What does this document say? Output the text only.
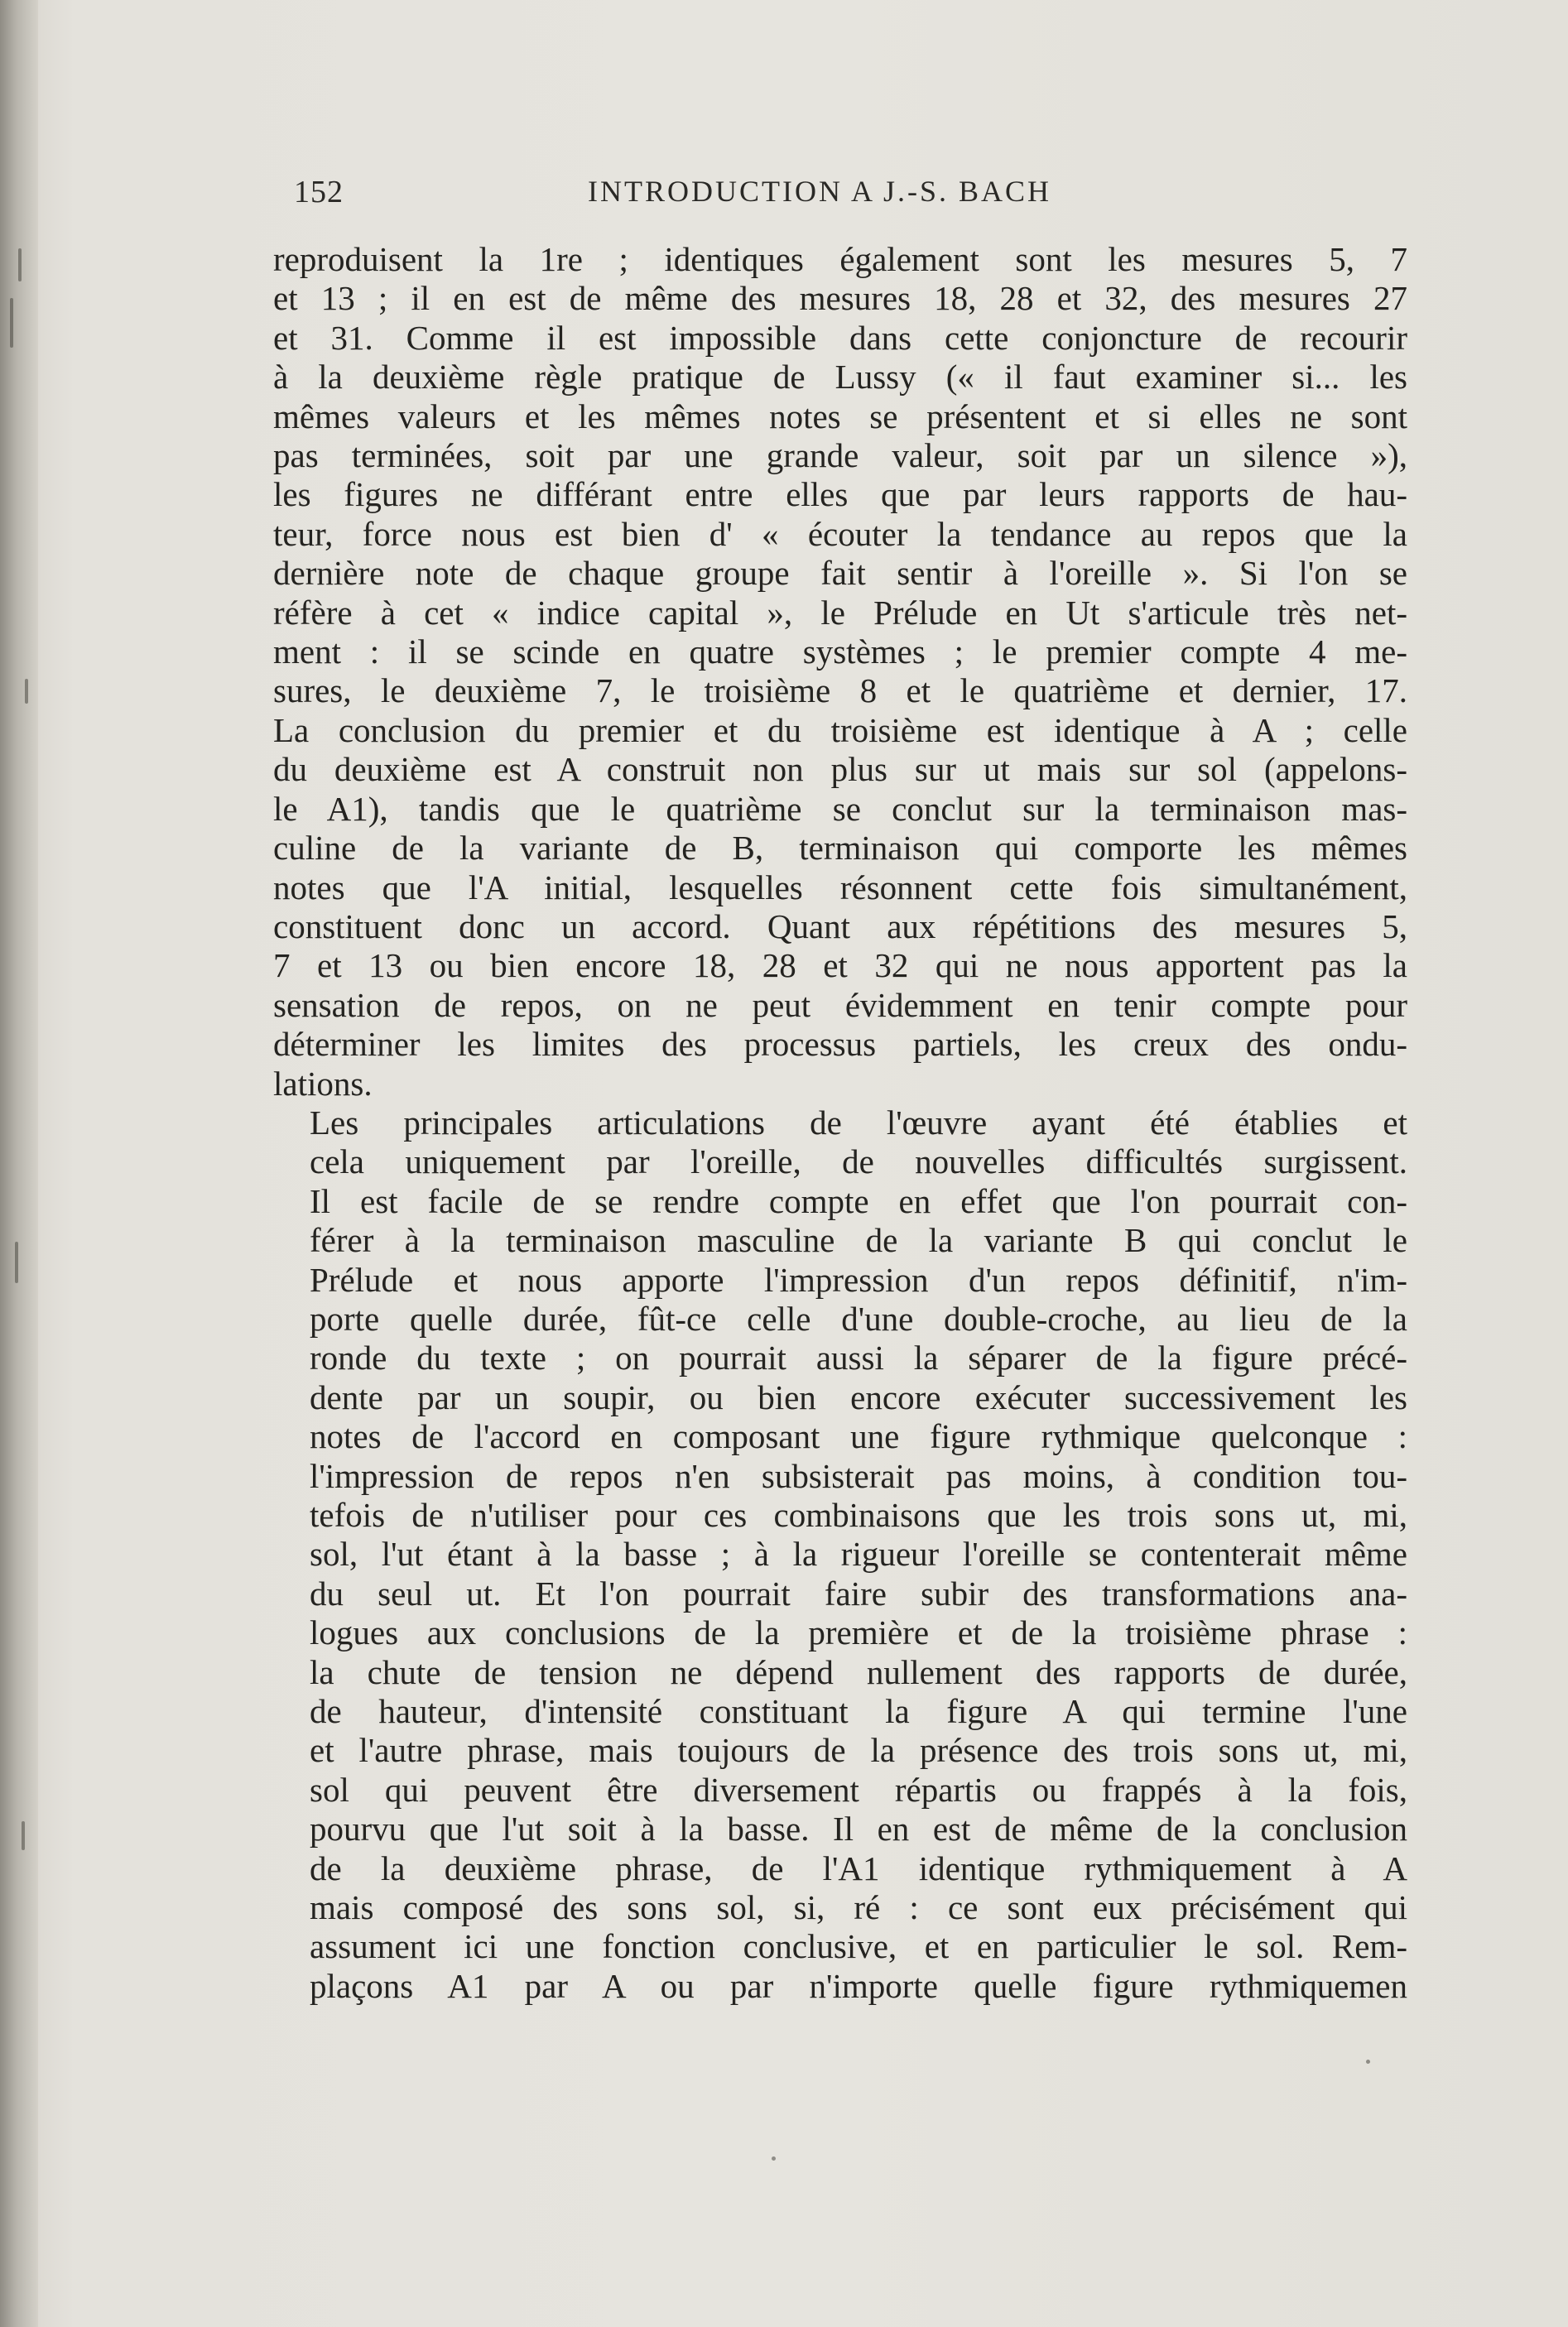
152	INTRODUCTION A J.-S. BACH

reproduisent la 1re ; identiques également sont les mesures 5, 7
et 13 ; il en est de même des mesures 18, 28 et 32, des mesures 27
et 31. Comme il est impossible dans cette conjoncture de recourir
à la deuxième règle pratique de Lussy (« il faut examiner si... les
mêmes valeurs et les mêmes notes se présentent et si elles ne sont
pas terminées, soit par une grande valeur, soit par un silence »),
les figures ne différant entre elles que par leurs rapports de hau-
teur, force nous est bien d' « écouter la tendance au repos que la
dernière note de chaque groupe fait sentir à l'oreille ». Si l'on se
réfère à cet « indice capital », le Prélude en Ut s'articule très net-
ment : il se scinde en quatre systèmes ; le premier compte 4 me-
sures, le deuxième 7, le troisième 8 et le quatrième et dernier, 17.
La conclusion du premier et du troisième est identique à A ; celle
du deuxième est A construit non plus sur ut mais sur sol (appelons-
le A1), tandis que le quatrième se conclut sur la terminaison mas-
culine de la variante de B, terminaison qui comporte les mêmes
notes que l'A initial, lesquelles résonnent cette fois simultanément,
constituent donc un accord. Quant aux répétitions des mesures 5,
7 et 13 ou bien encore 18, 28 et 32 qui ne nous apportent pas la
sensation de repos, on ne peut évidemment en tenir compte pour
déterminer les limites des processus partiels, les creux des ondu-
lations.

Les principales articulations de l'œuvre ayant été établies et
cela uniquement par l'oreille, de nouvelles difficultés surgissent.
Il est facile de se rendre compte en effet que l'on pourrait con-
férer à la terminaison masculine de la variante B qui conclut le
Prélude et nous apporte l'impression d'un repos définitif, n'im-
porte quelle durée, fût-ce celle d'une double-croche, au lieu de la
ronde du texte ; on pourrait aussi la séparer de la figure précé-
dente par un soupir, ou bien encore exécuter successivement les
notes de l'accord en composant une figure rythmique quelconque :
l'impression de repos n'en subsisterait pas moins, à condition tou-
tefois de n'utiliser pour ces combinaisons que les trois sons ut, mi,
sol, l'ut étant à la basse ; à la rigueur l'oreille se contenterait même
du seul ut. Et l'on pourrait faire subir des transformations ana-
logues aux conclusions de la première et de la troisième phrase :
la chute de tension ne dépend nullement des rapports de durée,
de hauteur, d'intensité constituant la figure A qui termine l'une
et l'autre phrase, mais toujours de la présence des trois sons ut, mi,
sol qui peuvent être diversement répartis ou frappés à la fois,
pourvu que l'ut soit à la basse. Il en est de même de la conclusion
de la deuxième phrase, de l'A1 identique rythmiquement à A
mais composé des sons sol, si, ré : ce sont eux précisément qui
assument ici une fonction conclusive, et en particulier le sol. Rem-
plaçons A1 par A ou par n'importe quelle figure rythmiquemen
